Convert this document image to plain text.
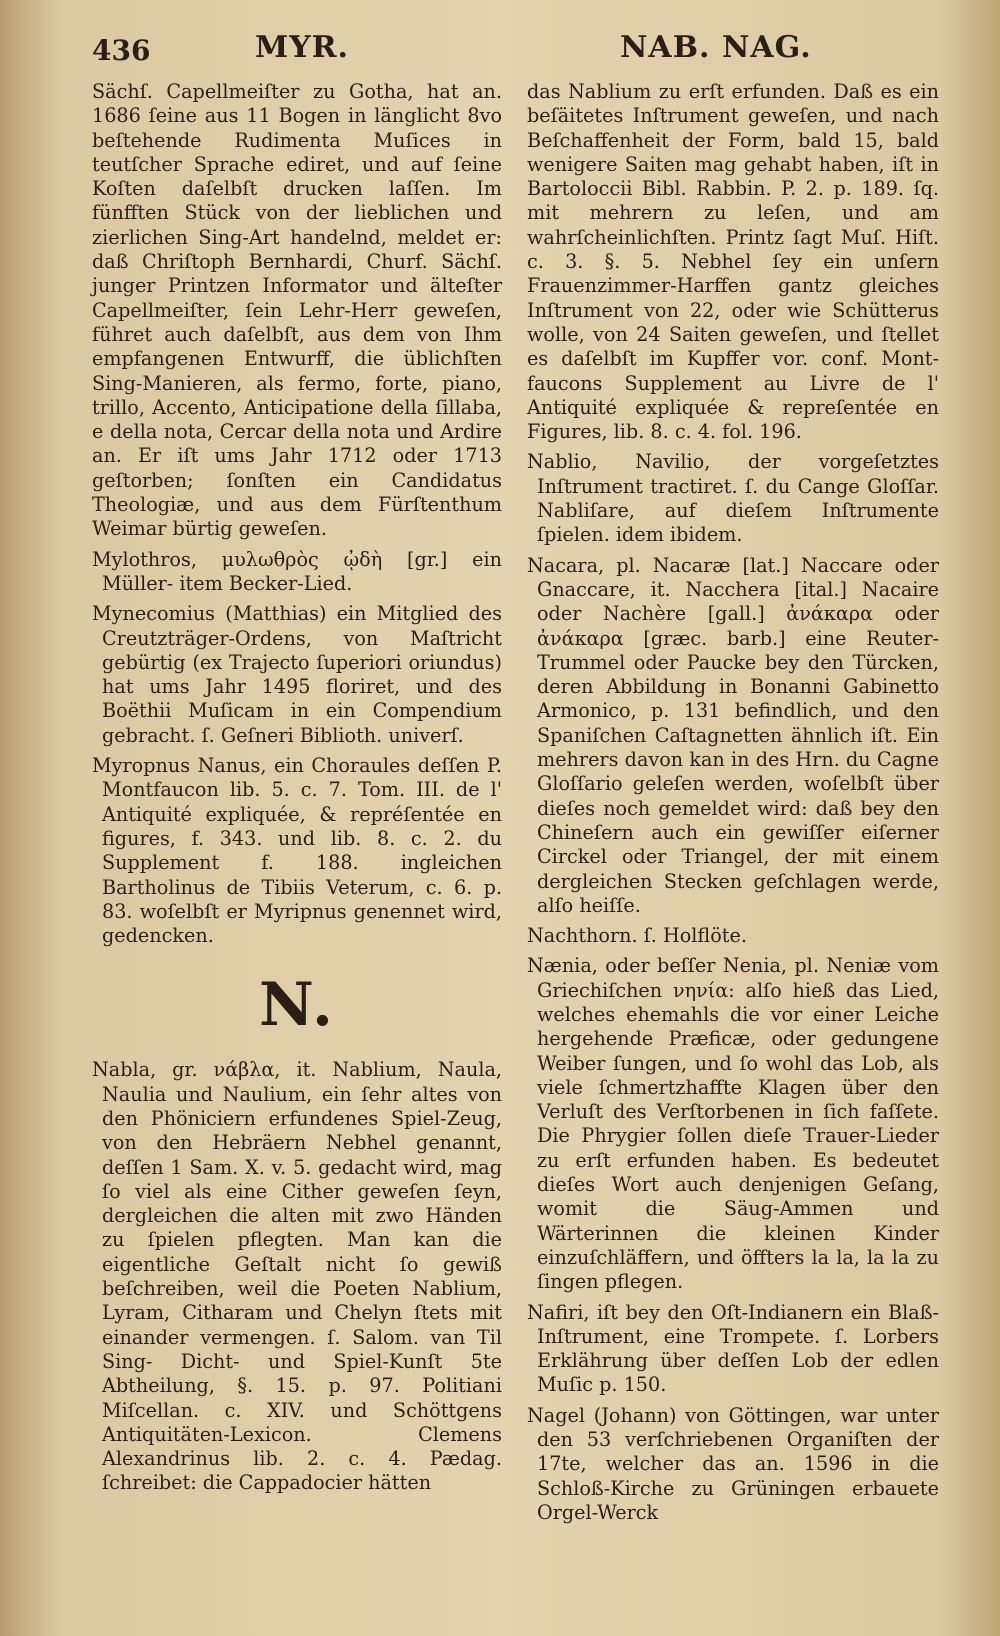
436	MYR.	NAB. NAG.

Sächſ. Capellmeiſter zu Gotha, hat an. 1686 ſeine aus 11 Bogen in länglicht 8vo beſtehende Rudimenta Muſices in teutſcher Sprache ediret, und auf ſeine Koſten daſelbſt drucken laſſen. Im fünfften Stück von der lieblichen und zierlichen Sing-Art handelnd, meldet er: daß Chriſtoph Bernhardi, Churf. Sächſ. junger Printzen Informator und älteſter Capellmeiſter, ſein Lehr-Herr geweſen, führet auch daſelbſt, aus dem von Ihm empfangenen Entwurff, die üblichſten Sing-Manieren, als fermo, forte, piano, trillo, Accento, Anticipatione della ſillaba, e della nota, Cercar della nota und Ardire an. Er iſt ums Jahr 1712 oder 1713 geſtorben; ſonſten ein Candidatus Theologiæ, und aus dem Fürſtenthum Weimar bürtig geweſen.

Mylothros, μυλωθρὸς ᾠδὴ [gr.] ein Müller- item Becker-Lied.

Mynecomius (Matthias) ein Mitglied des Creutzträger-Ordens, von Maſtricht gebürtig (ex Trajecto ſuperiori oriundus) hat ums Jahr 1495 floriret, und des Boëthii Muſicam in ein Compendium gebracht. ſ. Geſneri Biblioth. univerſ.

Myropnus Nanus, ein Choraules deſſen P. Montfaucon lib. 5. c. 7. Tom. III. de l' Antiquité expliquée, & repréſentée en figures, f. 343. und lib. 8. c. 2. du Supplement f. 188. ingleichen Bartholinus de Tibiis Veterum, c. 6. p. 83. woſelbſt er Myripnus genennet wird, gedencken.

N.

Nabla, gr. νάβλα, it. Nablium, Naula, Naulia und Naulium, ein ſehr altes von den Phöniciern erfundenes Spiel-Zeug, von den Hebräern Nebhel genannt, deſſen 1 Sam. X. v. 5. gedacht wird, mag ſo viel als eine Cither geweſen ſeyn, dergleichen die alten mit zwo Händen zu ſpielen pflegten. Man kan die eigentliche Geſtalt nicht ſo gewiß beſchreiben, weil die Poeten Nablium, Lyram, Citharam und Chelyn ſtets mit einander vermengen. ſ. Salom. van Til Sing- Dicht- und Spiel-Kunſt 5te Abtheilung, §. 15. p. 97. Politiani Miſcellan. c. XIV. und Schöttgens Antiquitäten-Lexicon. Clemens Alexandrinus lib. 2. c. 4. Pædag. ſchreibet: die Cappadocier hätten

das Nablium zu erſt erfunden. Daß es ein beſäitetes Inſtrument geweſen, und nach Beſchaffenheit der Form, bald 15, bald wenigere Saiten mag gehabt haben, iſt in Bartoloccii Bibl. Rabbin. P. 2. p. 189. ſq. mit mehrern zu leſen, und am wahrſcheinlichſten. Printz ſagt Muſ. Hiſt. c. 3. §. 5. Nebhel ſey ein unſern Frauenzimmer-Harffen gantz gleiches Inſtrument von 22, oder wie Schütterus wolle, von 24 Saiten geweſen, und ſtellet es daſelbſt im Kupffer vor. conf. Mont-faucons Supplement au Livre de l' Antiquité expliquée & repreſentée en Figures, lib. 8. c. 4. fol. 196.

Nablio, Navilio, der vorgeſetztes Inſtrument tractiret. ſ. du Cange Gloſſar. Nabliſare, auf dieſem Inſtrumente ſpielen. idem ibidem.

Nacara, pl. Nacaræ [lat.] Naccare oder Gnaccare, it. Nacchera [ital.] Nacaire oder Nachère [gall.] ἀνάκαρα oder ἀνάκαρα [græc. barb.] eine Reuter-Trummel oder Paucke bey den Türcken, deren Abbildung in Bonanni Gabinetto Armonico, p. 131 befindlich, und den Spaniſchen Caſtagnetten ähnlich iſt. Ein mehrers davon kan in des Hrn. du Cagne Gloſſario geleſen werden, woſelbſt über dieſes noch gemeldet wird: daß bey den Chineſern auch ein gewiſſer eiſerner Circkel oder Triangel, der mit einem dergleichen Stecken geſchlagen werde, alſo heiſſe.

Nachthorn. ſ. Holflöte.

Nænia, oder beſſer Nenia, pl. Neniæ vom Griechiſchen νηνία: alſo hieß das Lied, welches ehemahls die vor einer Leiche hergehende Præficæ, oder gedungene Weiber ſungen, und ſo wohl das Lob, als viele ſchmertzhaffte Klagen über den Verluſt des Verſtorbenen in ſich faſſete. Die Phrygier ſollen dieſe Trauer-Lieder zu erſt erfunden haben. Es bedeutet dieſes Wort auch denjenigen Geſang, womit die Säug-Ammen und Wärterinnen die kleinen Kinder einzuſchläffern, und öffters la la, la la zu ſingen pflegen.

Nafiri, iſt bey den Oſt-Indianern ein Blaß-Inſtrument, eine Trompete. ſ. Lorbers Erklährung über deſſen Lob der edlen Muſic p. 150.

Nagel (Johann) von Göttingen, war unter den 53 verſchriebenen Organiſten der 17te, welcher das an. 1596 in die Schloß-Kirche zu Grüningen erbauete Orgel-Werck
